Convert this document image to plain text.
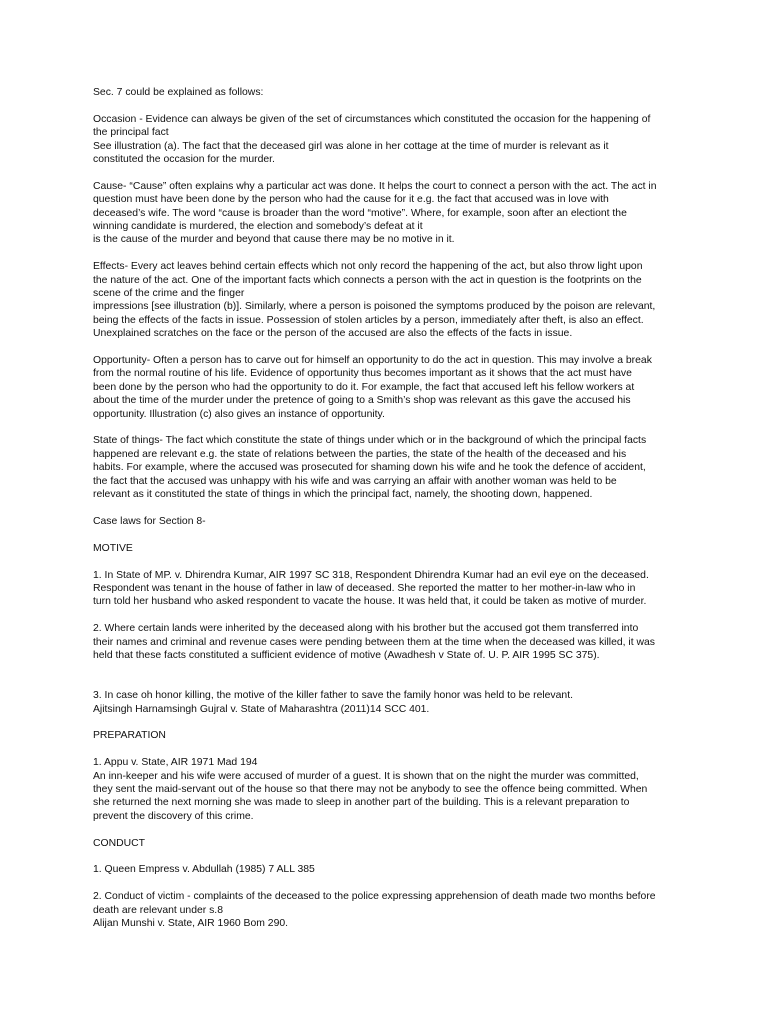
Sec. 7 could be explained as follows:

Occasion - Evidence can always be given of the set of circumstances which constituted the occasion for the happening of
the principal fact
See illustration (a). The fact that the deceased girl was alone in her cottage at the time of murder is relevant as it
constituted the occasion for the murder.

Cause- “Cause” often explains why a particular act was done. It helps the court to connect a person with the act. The act in
question must have been done by the person who had the cause for it e.g. the fact that accused was in love with
deceased’s wife. The word “cause is broader than the word “motive”. Where, for example, soon after an electiont the
winning candidate is murdered, the election and somebody’s defeat at it
is the cause of the murder and beyond that cause there may be no motive in it.

Effects- Every act leaves behind certain effects which not only record the happening of the act, but also throw light upon
the nature of the act. One of the important facts which connects a person with the act in question is the footprints on the
scene of the crime and the finger
impressions [see illustration (b)]. Similarly, where a person is poisoned the symptoms produced by the poison are relevant,
being the effects of the facts in issue. Possession of stolen articles by a person, immediately after theft, is also an effect.
Unexplained scratches on the face or the person of the accused are also the effects of the facts in issue.

Opportunity- Often a person has to carve out for himself an opportunity to do the act in question. This may involve a break
from the normal routine of his life. Evidence of opportunity thus becomes important as it shows that the act must have
been done by the person who had the opportunity to do it. For example, the fact that accused left his fellow workers at
about the time of the murder under the pretence of going to a Smith’s shop was relevant as this gave the accused his
opportunity. Illustration (c) also gives an instance of opportunity.

State of things- The fact which constitute the state of things under which or in the background of which the principal facts
happened are relevant e.g. the state of relations between the parties, the state of the health of the deceased and his
habits. For example, where the accused was prosecuted for shaming down his wife and he took the defence of accident,
the fact that the accused was unhappy with his wife and was carrying an affair with another woman was held to be
relevant as it constituted the state of things in which the principal fact, namely, the shooting down, happened.

Case laws for Section 8-

MOTIVE

1. In State of MP. v. Dhirendra Kumar, AIR 1997 SC 318, Respondent Dhirendra Kumar had an evil eye on the deceased.
Respondent was tenant in the house of father in law of deceased. She reported the matter to her mother-in-law who in
turn told her husband who asked respondent to vacate the house. It was held that, it could be taken as motive of murder.

2. Where certain lands were inherited by the deceased along with his brother but the accused got them transferred into
their names and criminal and revenue cases were pending between them at the time when the deceased was killed, it was
held that these facts constituted a sufficient evidence of motive (Awadhesh v State of. U. P. AIR 1995 SC 375).

3. In case oh honor killing, the motive of the killer father to save the family honor was held to be relevant.
Ajitsingh Harnamsingh Gujral v. State of Maharashtra (2011)14 SCC 401.

PREPARATION

1. Appu v. State, AIR 1971 Mad 194
An inn-keeper and his wife were accused of murder of a guest. It is shown that on the night the murder was committed,
they sent the maid-servant out of the house so that there may not be anybody to see the offence being committed. When
she returned the next morning she was made to sleep in another part of the building. This is a relevant preparation to
prevent the discovery of this crime.

CONDUCT

1. Queen Empress v. Abdullah (1985) 7 ALL 385

2. Conduct of victim - complaints of the deceased to the police expressing apprehension of death made two months before
death are relevant under s.8
Alijan Munshi v. State, AIR 1960 Bom 290.
